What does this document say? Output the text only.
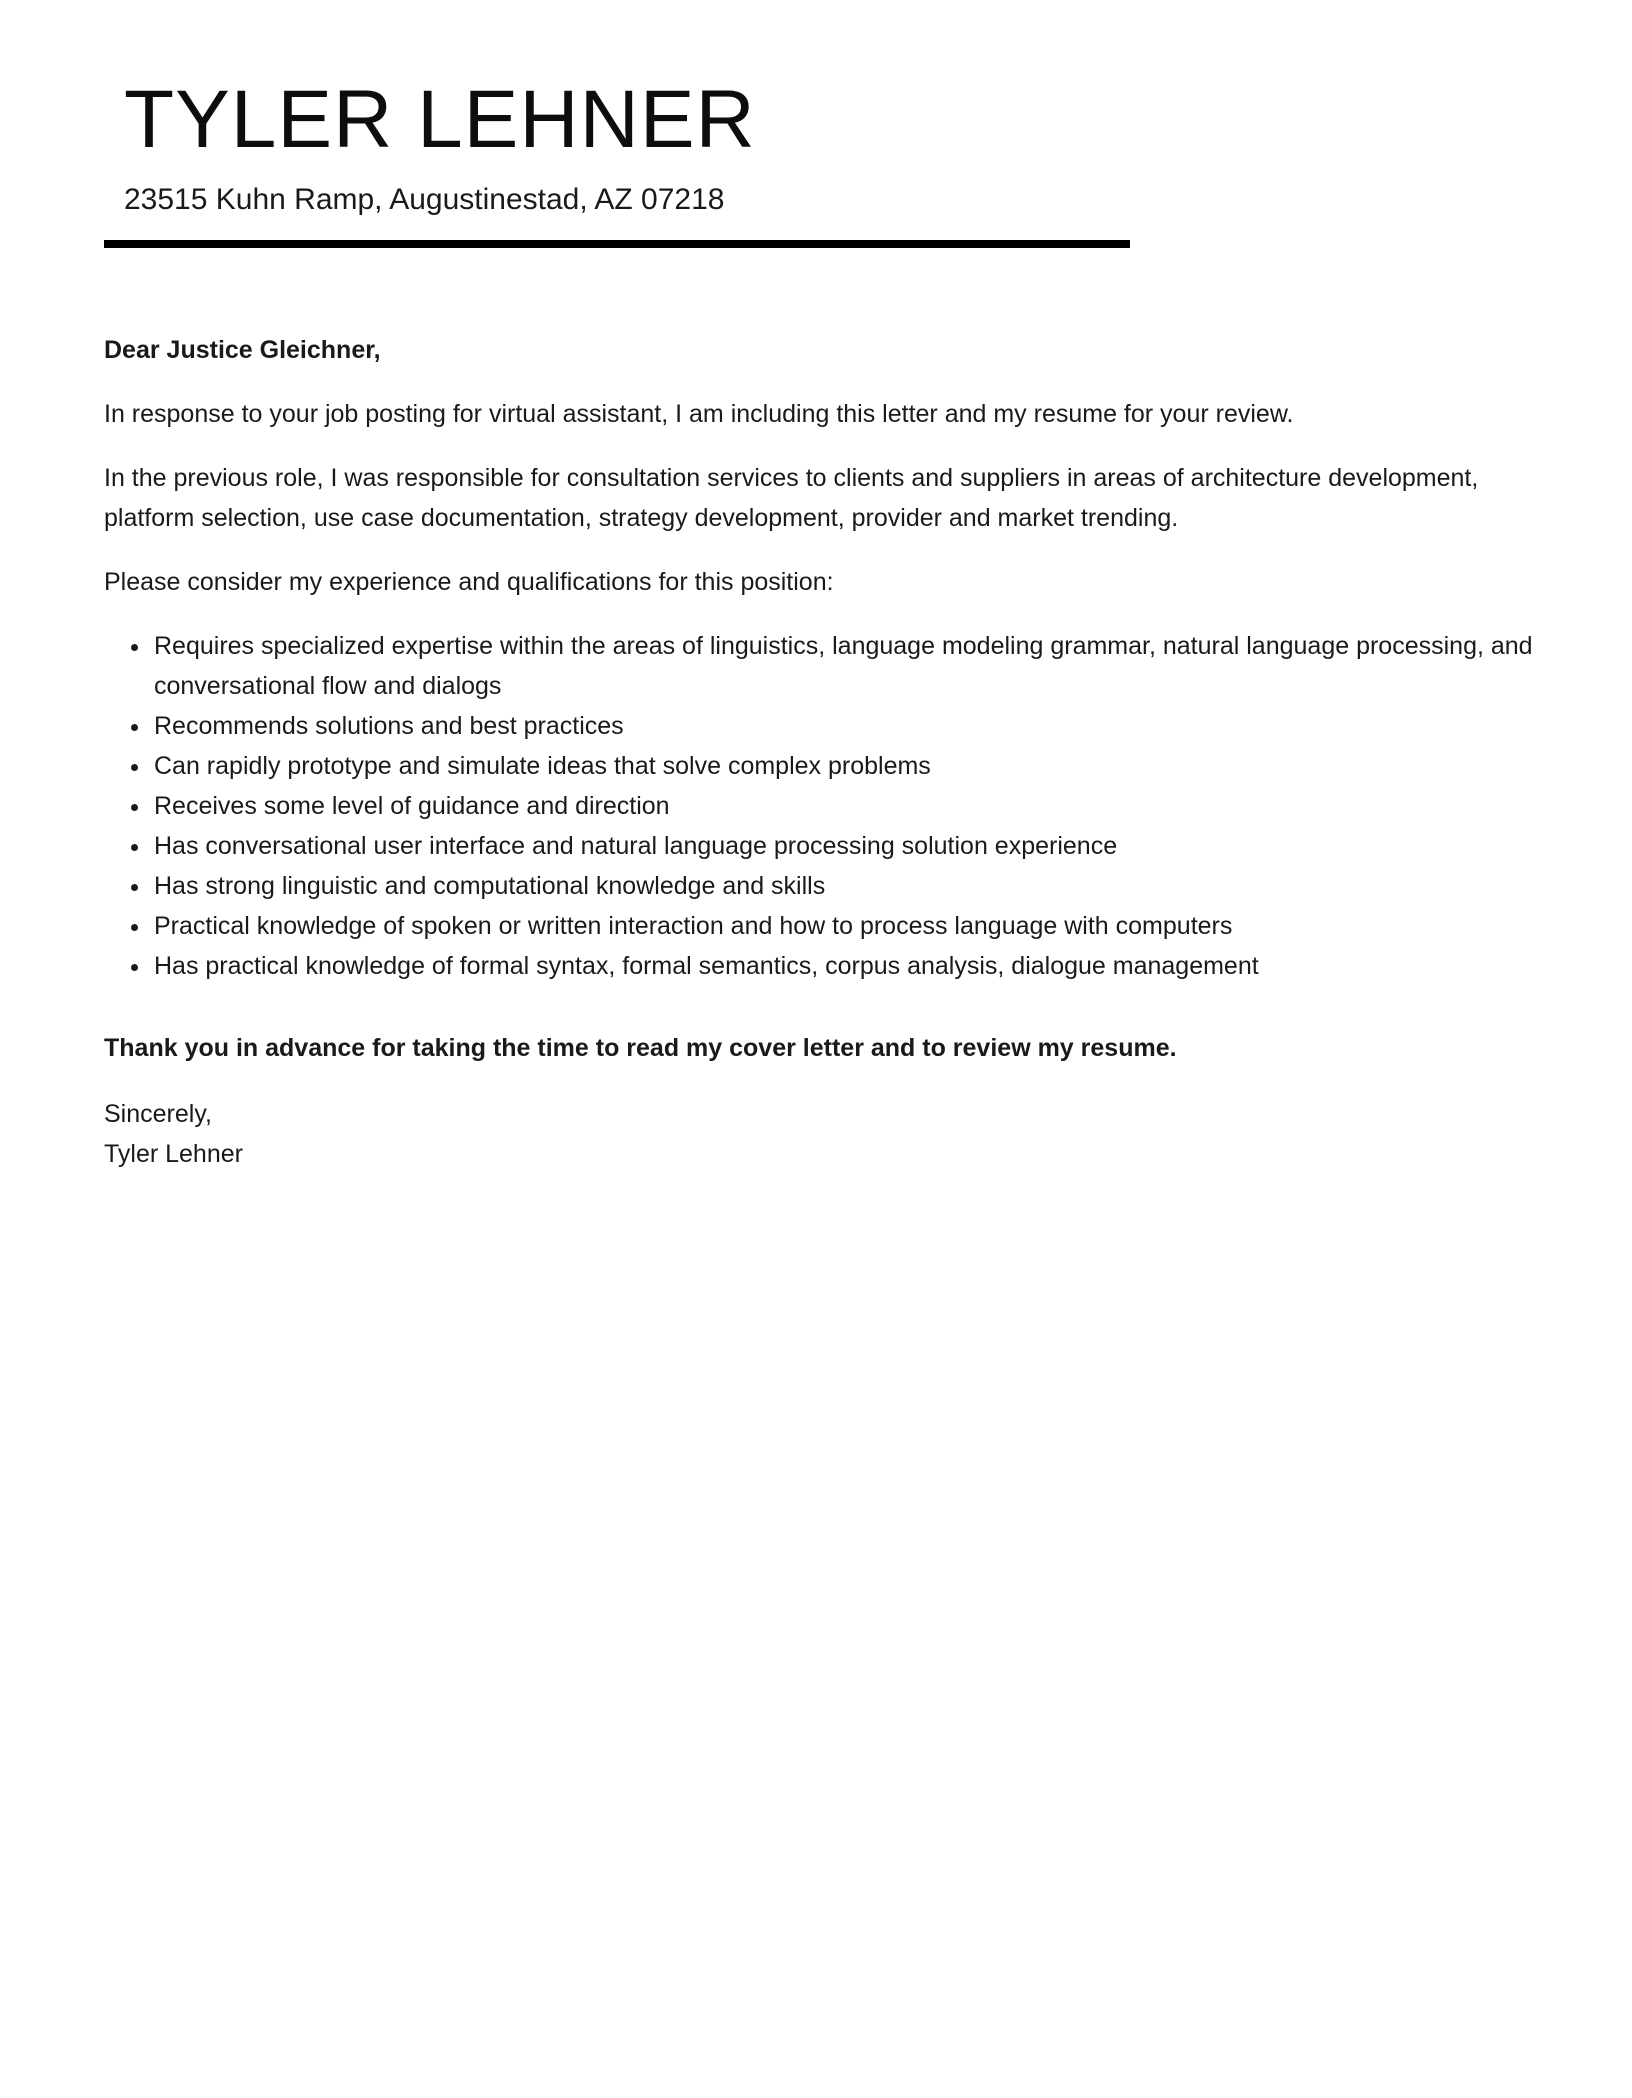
TYLER LEHNER
23515 Kuhn Ramp, Augustinestad, AZ 07218

Dear Justice Gleichner,

In response to your job posting for virtual assistant, I am including this letter and my resume for your review.

In the previous role, I was responsible for consultation services to clients and suppliers in areas of architecture development, platform selection, use case documentation, strategy development, provider and market trending.

Please consider my experience and qualifications for this position:

• Requires specialized expertise within the areas of linguistics, language modeling grammar, natural language processing, and conversational flow and dialogs
• Recommends solutions and best practices
• Can rapidly prototype and simulate ideas that solve complex problems
• Receives some level of guidance and direction
• Has conversational user interface and natural language processing solution experience
• Has strong linguistic and computational knowledge and skills
• Practical knowledge of spoken or written interaction and how to process language with computers
• Has practical knowledge of formal syntax, formal semantics, corpus analysis, dialogue management

Thank you in advance for taking the time to read my cover letter and to review my resume.

Sincerely,
Tyler Lehner
